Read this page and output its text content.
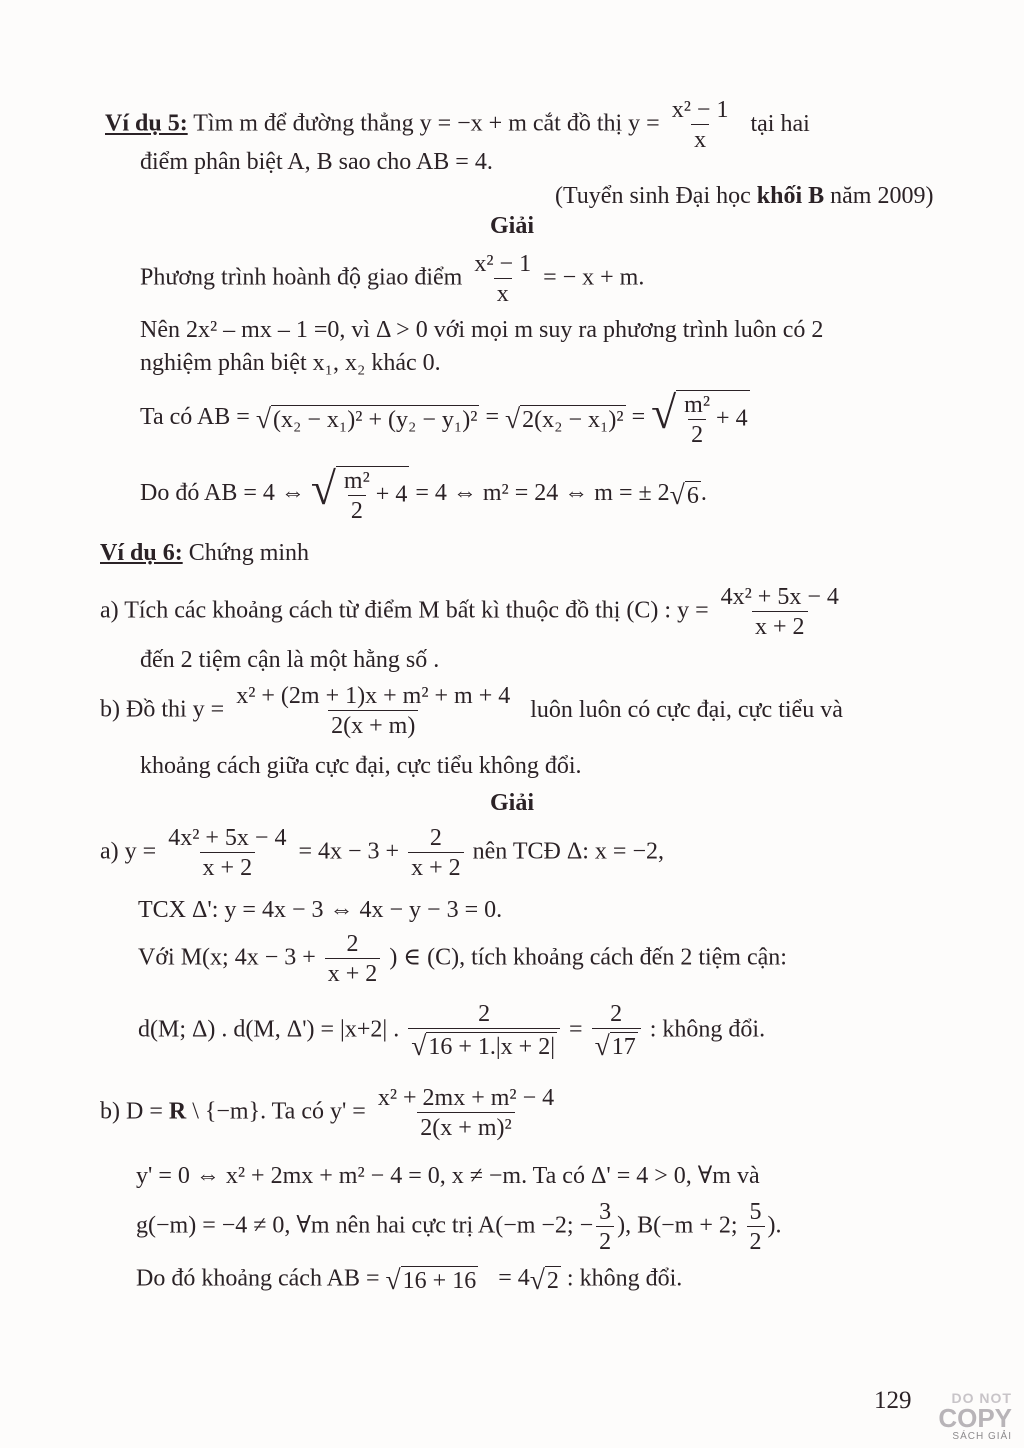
Ví dụ 5: Tìm m để đường thẳng y = −x + m cắt đồ thị $y = \frac{\text{x² − 1}}{x}$ tại hai
điểm phân biệt A, B sao cho AB = 4.
(Tuyển sinh Đại học khối B năm 2009)
Giải
Phương trình hoành độ giao điểm $\frac{\text{x² − 1}}{x}$ = − x + m.
Nên 2x² – mx – 1 =0, vì Δ > 0 với mọi m suy ra phương trình luôn có 2
nghiệm phân biệt x₁, x₂ khác 0.
Ta có AB = √ (x₂ − x₁)² + (y₂ − y₁)² = √ 2(x₂ − x₁)² = √ $\frac{\text{m²}}{2} + 4$
Do đó AB = 4 ⇔ √ $\frac{\text{m²}}{2} + 4 = 4$ ⇔ m² = 24 ⇔ m = ± 2 √ 6 .
Ví dụ 6: Chứng minh
a) Tích các khoảng cách từ điểm M bất kì thuộc đồ thị (C) : $y = \frac{\text{4x² + 5x − 4}}{x + 2}$
đến 2 tiệm cận là một hằng số .
b) Đồ thi $y = \frac{\text{x² + (2m + 1)x + m² + m + 4}}{2(x + m)}$ luôn luôn có cực đại, cực tiểu và
khoảng cách giữa cực đại, cực tiểu không đổi.
Giải
a) $y = \frac{\text{4x² + 5x − 4}}{x + 2} = 4x - 3 + \frac{2}{x + 2}$ nên TCĐ Δ: x = −2,
TCX Δ': y = 4x − 3 ⇔ 4x − y − 3 = 0.
Với M(x; $4x - 3 + \frac{2}{x + 2}$ ) ∈ (C), tích khoảng cách đến 2 tiệm cận:
d(M; Δ) . d(M, Δ') = |x+2| . $\frac{2}{√ 16 + 1.|x + 2|} = \frac{2}{√ 17}$ : không đổi.
b) D = R \ {−m}. Ta có $y' = \frac{\text{x² + 2mx + m² − 4}}{\text{2(x + m)²}}$
y' = 0 ⇔ x² + 2mx + m² − 4 = 0, x ≠ −m. Ta có Δ' = 4 > 0, ∀m và
g(−m) = −4 ≠ 0, ∀m nên hai cực trị A(−m −2; − $\frac{3}{2}$ ), B(−m + 2; $\frac{5}{2}$ ).
Do đó khoảng cách AB = √ 16 + 16 = 4 √ 2 : không đổi.
129	DO NOT
COPY
SÁCH GIẢI
